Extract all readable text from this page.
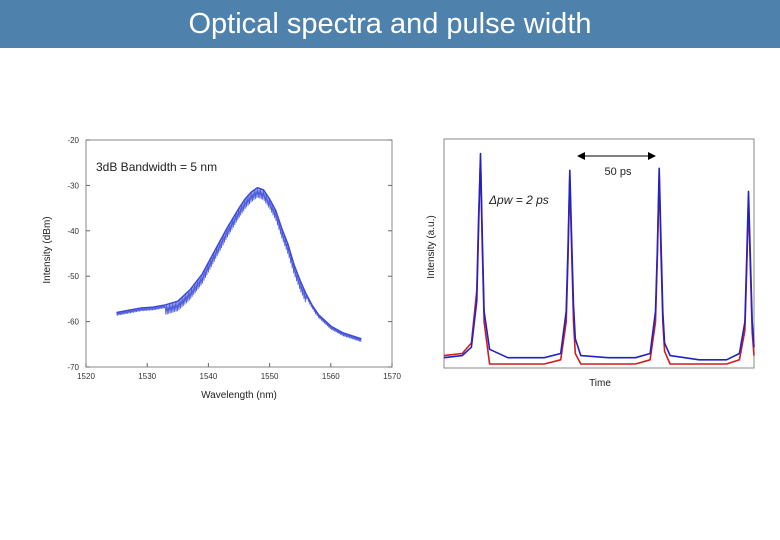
Optical spectra and pulse width
1520	1530	1540	1550	1560	1570
-20
-30
-40
-50
-60
-70
3dB Bandwidth = 5 nm
Wavelength (nm)
Intensity (dBm)
50 ps
Δpw = 2 ps
Time
Intensity (a.u.)
